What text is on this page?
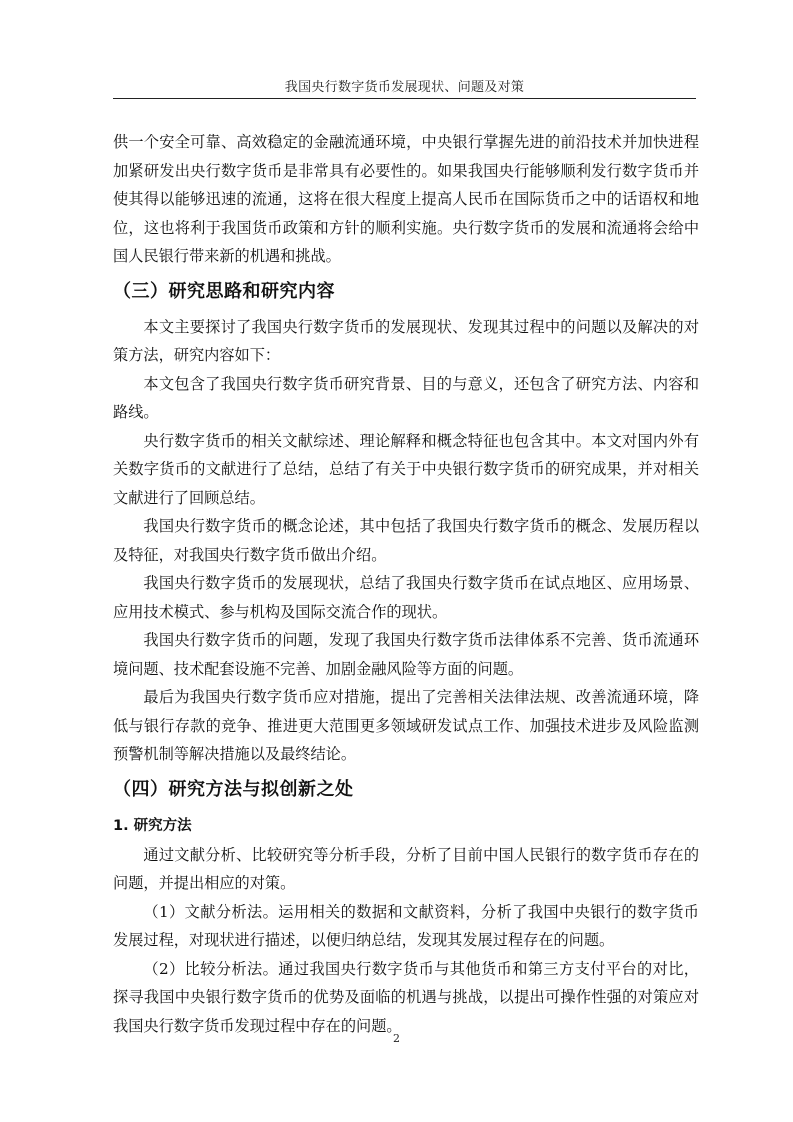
我国央行数字货币发展现状、问题及对策

供一个安全可靠、高效稳定的金融流通环境，中央银行掌握先进的前沿技术并加快进程加紧研发出央行数字货币是非常具有必要性的。如果我国央行能够顺利发行数字货币并使其得以能够迅速的流通，这将在很大程度上提高人民币在国际货币之中的话语权和地位，这也将利于我国货币政策和方针的顺利实施。央行数字货币的发展和流通将会给中国人民银行带来新的机遇和挑战。

（三）研究思路和研究内容

本文主要探讨了我国央行数字货币的发展现状、发现其过程中的问题以及解决的对策方法，研究内容如下：

本文包含了我国央行数字货币研究背景、目的与意义，还包含了研究方法、内容和路线。

央行数字货币的相关文献综述、理论解释和概念特征也包含其中。本文对国内外有关数字货币的文献进行了总结，总结了有关于中央银行数字货币的研究成果，并对相关文献进行了回顾总结。

我国央行数字货币的概念论述，其中包括了我国央行数字货币的概念、发展历程以及特征，对我国央行数字货币做出介绍。

我国央行数字货币的发展现状，总结了我国央行数字货币在试点地区、应用场景、应用技术模式、参与机构及国际交流合作的现状。

我国央行数字货币的问题，发现了我国央行数字货币法律体系不完善、货币流通环境问题、技术配套设施不完善、加剧金融风险等方面的问题。

最后为我国央行数字货币应对措施，提出了完善相关法律法规、改善流通环境，降低与银行存款的竞争、推进更大范围更多领域研发试点工作、加强技术进步及风险监测预警机制等解决措施以及最终结论。

（四）研究方法与拟创新之处
1. 研究方法

通过文献分析、比较研究等分析手段，分析了目前中国人民银行的数字货币存在的问题，并提出相应的对策。

（1）文献分析法。运用相关的数据和文献资料，分析了我国中央银行的数字货币发展过程，对现状进行描述，以便归纳总结，发现其发展过程存在的问题。

（2）比较分析法。通过我国央行数字货币与其他货币和第三方支付平台的对比，探寻我国中央银行数字货币的优势及面临的机遇与挑战，以提出可操作性强的对策应对我国央行数字货币发现过程中存在的问题。

2
